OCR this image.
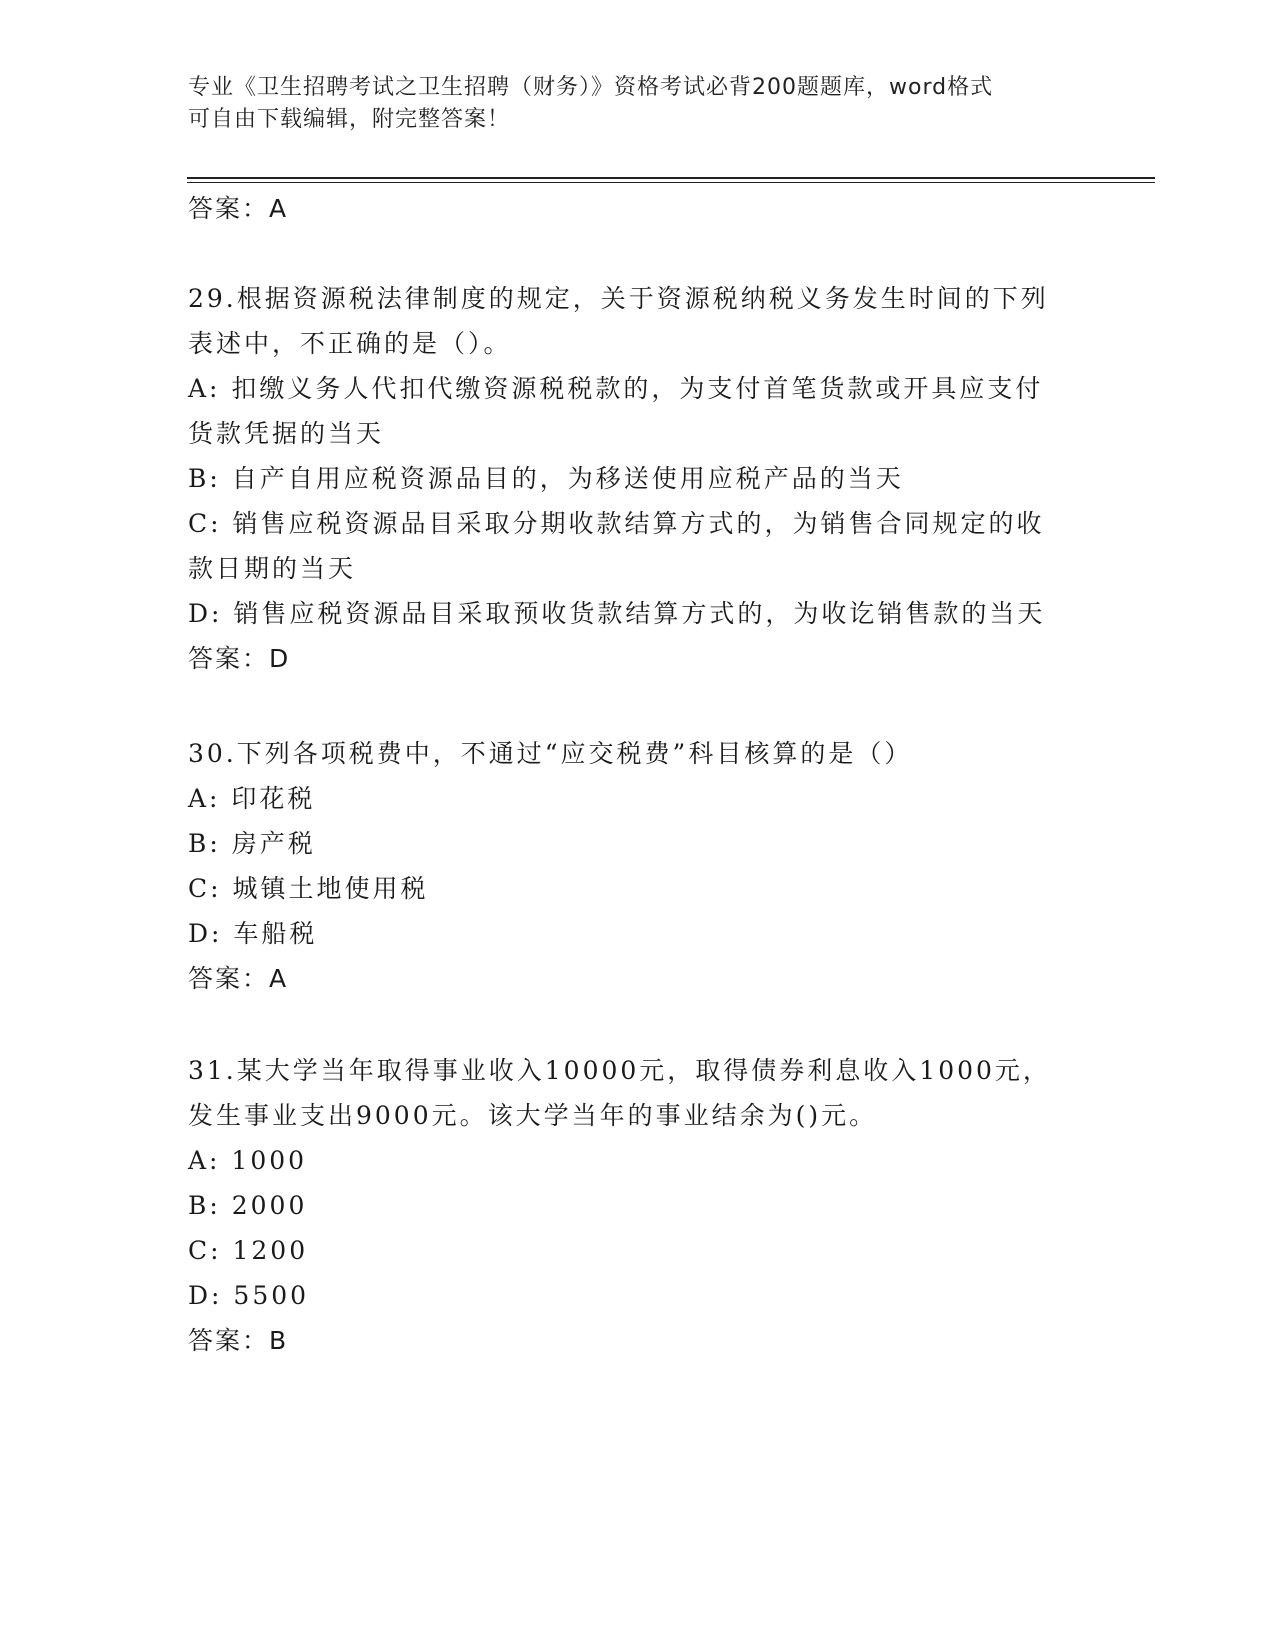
专业《卫生招聘考试之卫生招聘（财务）》资格考试必背200题题库，word格式
可自由下载编辑，附完整答案！
答案：A
29.根据资源税法律制度的规定，关于资源税纳税义务发生时间的下列
表述中，不正确的是（）。
A: 扣缴义务人代扣代缴资源税税款的，为支付首笔货款或开具应支付
货款凭据的当天
B: 自产自用应税资源品目的，为移送使用应税产品的当天
C: 销售应税资源品目采取分期收款结算方式的，为销售合同规定的收
款日期的当天
D: 销售应税资源品目采取预收货款结算方式的，为收讫销售款的当天
答案：D
30.下列各项税费中，不通过“应交税费”科目核算的是（）
A: 印花税
B: 房产税
C: 城镇土地使用税
D: 车船税
答案：A
31.某大学当年取得事业收入10000元，取得债券利息收入1000元，
发生事业支出9000元。该大学当年的事业结余为()元。
A: 1000
B: 2000
C: 1200
D: 5500
答案：B
